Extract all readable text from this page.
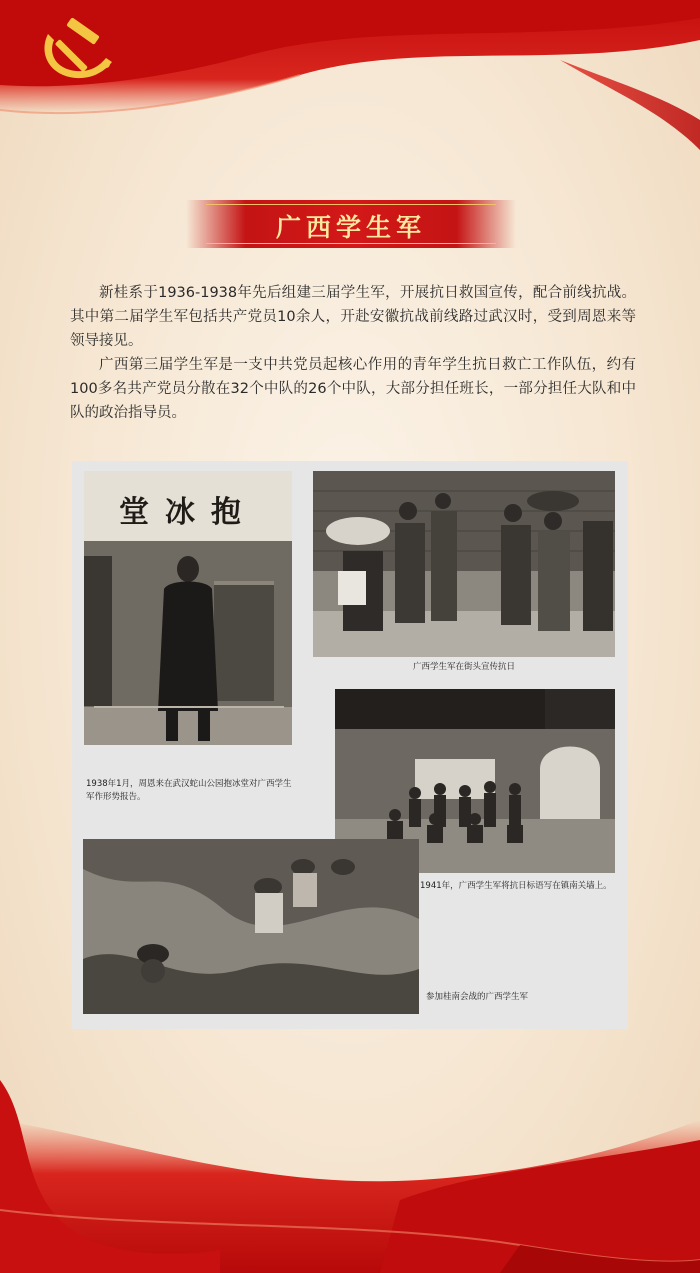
广西学生军

新桂系于1936-1938年先后组建三届学生军，开展抗日救国宣传，配合前线抗战。其中第二届学生军包括共产党员10余人，开赴安徽抗战前线路过武汉时，受到周恩来等领导接见。

广西第三届学生军是一支中共党员起核心作用的青年学生抗日救亡工作队伍，约有100多名共产党员分散在32个中队的26个中队，大部分担任班长，一部分担任大队和中队的政治指导员。

堂冰抱
1938年1月，周恩来在武汉蛇山公园抱冰堂对广西学生军作形势报告。
广西学生军在街头宣传抗日
1941年，广西学生军将抗日标语写在镇南关墙上。
参加桂南会战的广西学生军
